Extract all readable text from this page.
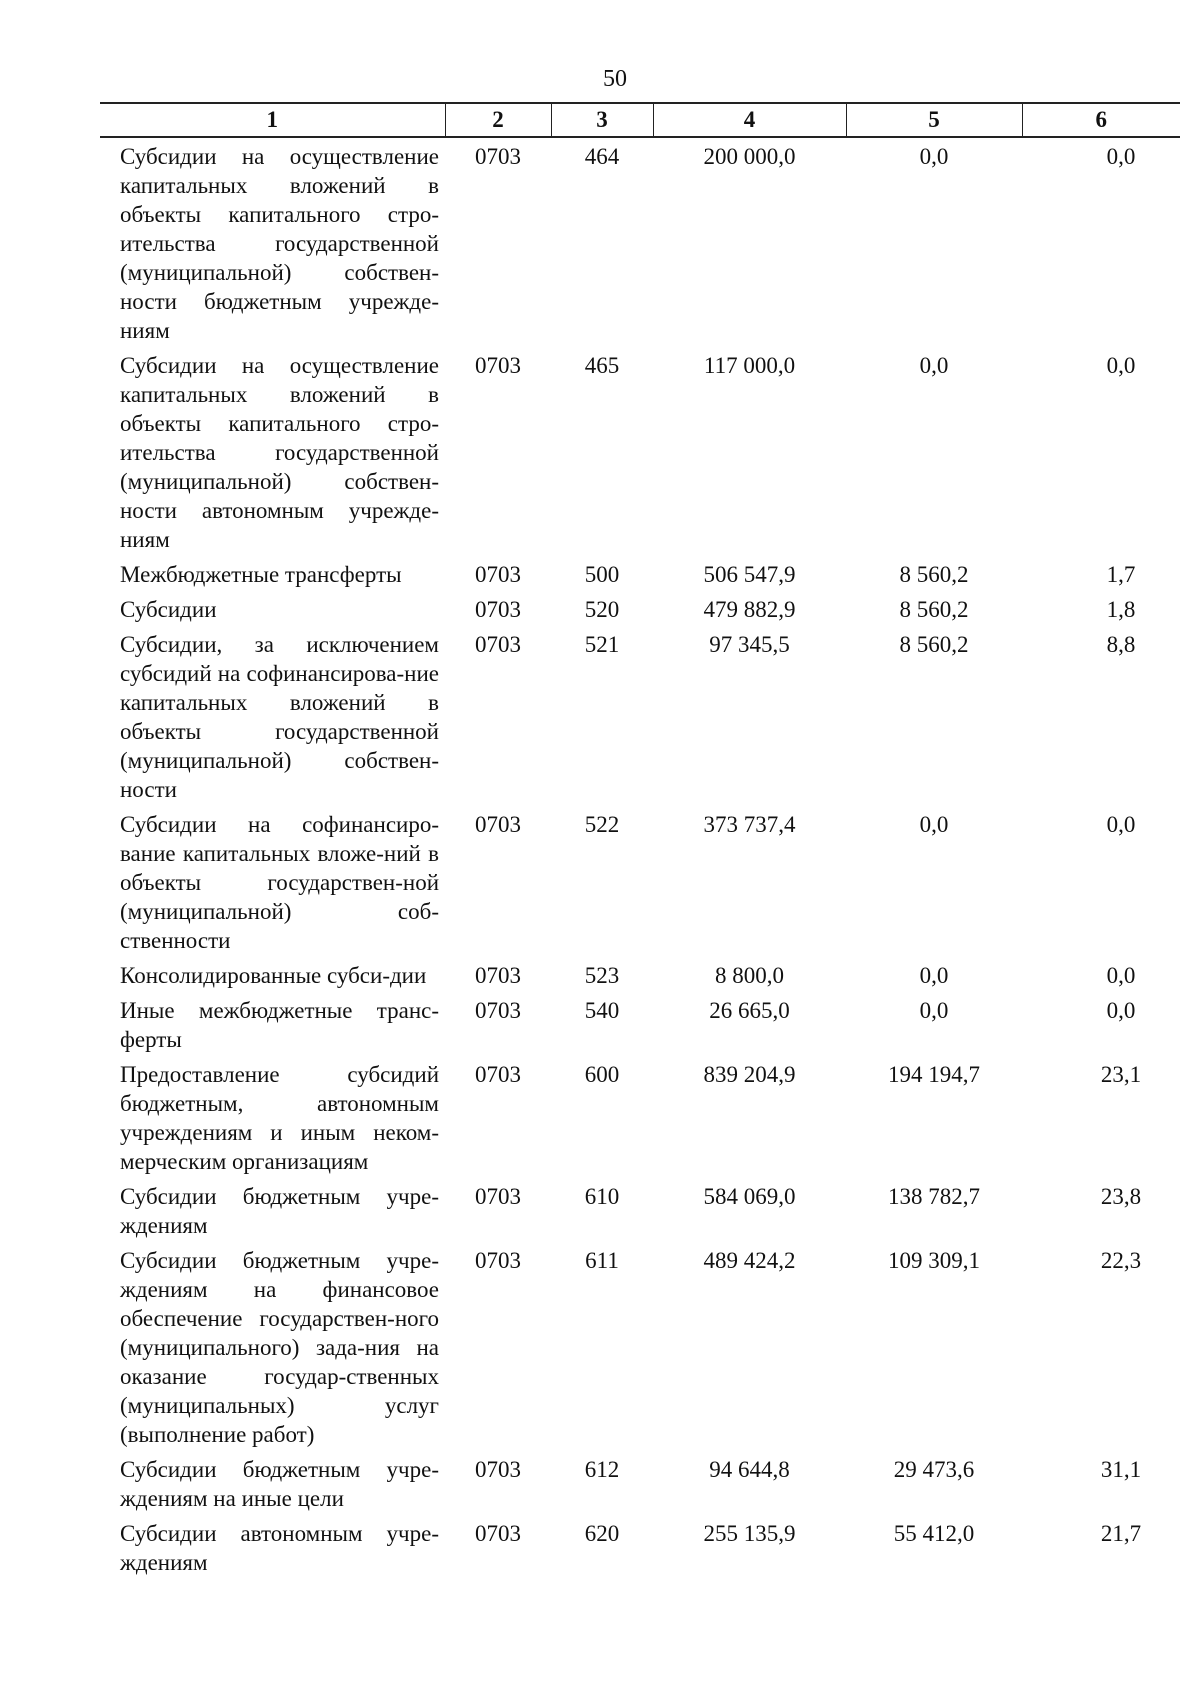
50
1	2	3	4	5	6
Субсидии на осуществление капитальных вложений в объекты капитального стро-ительства государственной (муниципальной) собствен-ности бюджетным учрежде-ниям	0703	464	200 000,0	0,0	0,0
Субсидии на осуществление капитальных вложений в объекты капитального стро-ительства государственной (муниципальной) собствен-ности автономным учрежде-ниям	0703	465	117 000,0	0,0	0,0
Межбюджетные трансферты	0703	500	506 547,9	8 560,2	1,7
Субсидии	0703	520	479 882,9	8 560,2	1,8
Субсидии, за исключением субсидий на софинансирова-ние капитальных вложений в объекты государственной (муниципальной) собствен-ности	0703	521	97 345,5	8 560,2	8,8
Субсидии на софинансиро-вание капитальных вложе-ний в объекты государствен-ной (муниципальной) соб-ственности	0703	522	373 737,4	0,0	0,0
Консолидированные субси-дии	0703	523	8 800,0	0,0	0,0
Иные межбюджетные транс-ферты	0703	540	26 665,0	0,0	0,0
Предоставление субсидий бюджетным, автономным учреждениям и иным неком-мерческим организациям	0703	600	839 204,9	194 194,7	23,1
Субсидии бюджетным учре-ждениям	0703	610	584 069,0	138 782,7	23,8
Субсидии бюджетным учре-ждениям на финансовое обеспечение государствен-ного (муниципального) зада-ния на оказание государ-ственных (муниципальных) услуг (выполнение работ)	0703	611	489 424,2	109 309,1	22,3
Субсидии бюджетным учре-ждениям на иные цели	0703	612	94 644,8	29 473,6	31,1
Субсидии автономным учре-ждениям	0703	620	255 135,9	55 412,0	21,7
